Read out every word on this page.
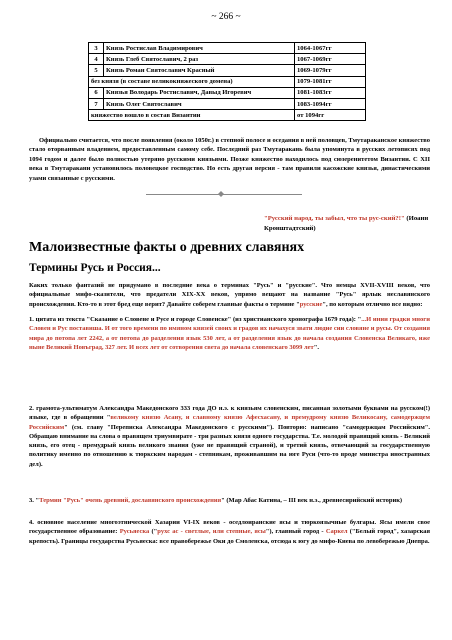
~ 266 ~
3	Князь Ростислав Владимирович	1064-1067гг
4	Князь Глеб Святославич, 2 раз	1067-1069гг
5	Князь Роман Святославич Красный	1069-1079гг
без князя (в составе великокняжеского домена)		1079-1081гг
6	Князья Володарь Ростиславич, Давыд Игоревич	1081-1083гг
7	Князь Олег Святославич	1083-1094гг
княжество вошло в состав Византии		от 1094гг
Официально считается, что после появления (около 1050г.) в степной полосе и оседания в ней половцев, Тмутараканское княжество стало оторванным владением, предоставленным самому себе. Последний раз Тмутаракань была упомянута в русских летописях под 1094 годом и далее было полностью утеряно русскими князьями. Позже княжество находилось под сюзеренитетом Византии. С XII века в Тмутаракани установилось половецкое господство. Но есть другая версия - там правили касожские князья, династическими узами связанные с русскими.
"Русский народ, ты забыл, что ты рус-ский?!" (Иоанн Кронштадтский)
Малоизвестные факты о древних славянях
Термины Русь и Россия...
Каких только фантазий не придумано в последние века о терминах "Русь" и "русские". Что немцы XVII-XVIII веков, что официальные мифо-сказители, что предатели XIX-XX веков, упрямо вещают на название "Русь" ярлык неславянского происхождения. Кто-то в этот бред еще верит? Давайте соберем главные факты о термине "русские", по которым отлично все видно:
1. цитата из текста "Сказание о Словене и Русе и городе Словенске" (из христианского хронографа 1679 года): "...И инии градки многи Словен и Рус поставиша. И от того времени по имяном князей своих и градов их начахуся звати людие сии словяне и русы. От создания мира до потопа лет 2242, а от потопа до разделения язык 530 лет, а от разделения язык до начала создания Словенска Великаго, иже ныне Великий Новъград, 327 лет. И всех лет от сотворения света до начала словенскаго 3099 лет".
2. грамота-ультиматум Александра Македонского 333 года ДО н.э. к князьям словенским, писанная золотыми буквами на русском(!) языке, где в обращении "великому князю Асану, и славному князю Афесхасану, и премудрому князю Великосану, самодержцем Российским" (см. главу "Переписка Александра Македонского с русскими"). Повторю: написано "самодержцам Российским". Обращаю внимание на слова о правящем триумвирате - три разных князя одного государства. Т.е. молодой правящий князь - Великий князь, его отец - премудрый князь великого звания (уже не правящий страной), и третий князь, отвечающий за государственную политику именно по отношению к тюркским народам - степнякам, проживавшим на юге Руси (что-то вроде министра иностранных дел).
3. "Термин "Русь" очень древний, дославянского происхождения" (Мар Абас Катина, – III век н.э., древнесирийский историк)
4. основное население многоэтнической Хазарии VI-IX веков - оседлоиранские ясы и тюркоязычные булгары. Ясы имели свое государственное образование: Русьяеска ("рухс ас - светлые, или степные, ясы"), главный город - Саркел ("Белый город", хазарская крепость). Границы государства Русьяеска: все правобережье Оки до Смоленска, отсюда к югу до мифо-Киева по левобережью Днепра.
